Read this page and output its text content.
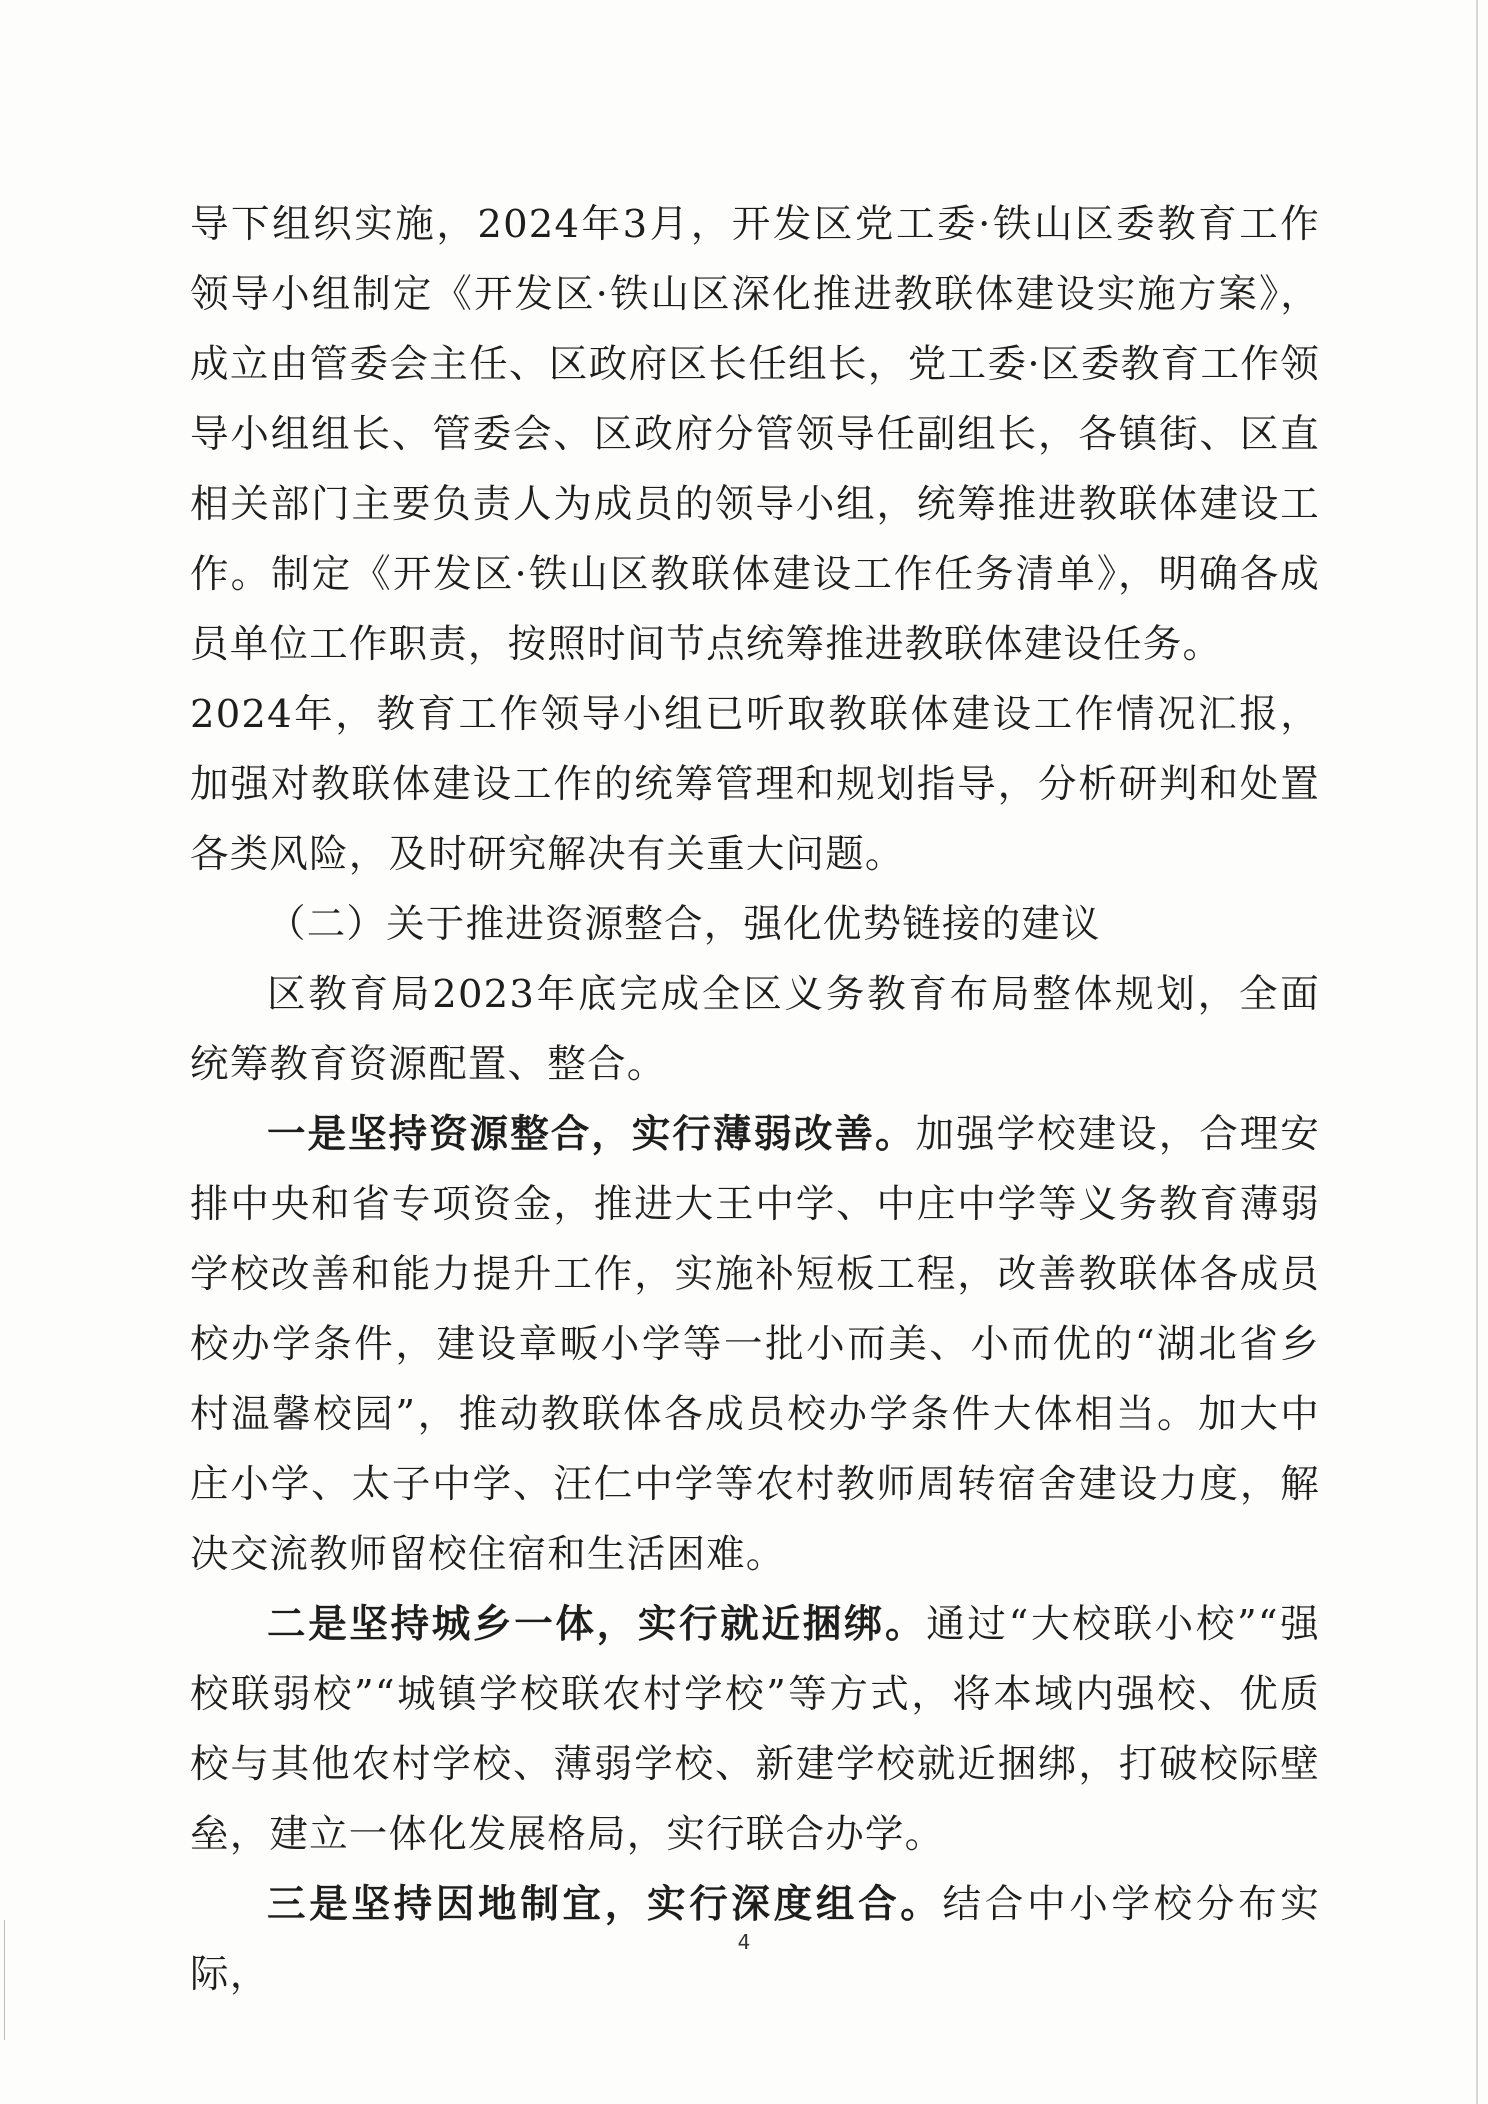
导下组织实施，2024年3月，开发区党工委·铁山区委教育工作领导小组制定《开发区·铁山区深化推进教联体建设实施方案》，成立由管委会主任、区政府区长任组长，党工委·区委教育工作领导小组组长、管委会、区政府分管领导任副组长，各镇街、区直相关部门主要负责人为成员的领导小组，统筹推进教联体建设工作。制定《开发区·铁山区教联体建设工作任务清单》，明确各成员单位工作职责，按照时间节点统筹推进教联体建设任务。

2024年，教育工作领导小组已听取教联体建设工作情况汇报，加强对教联体建设工作的统筹管理和规划指导，分析研判和处置各类风险，及时研究解决有关重大问题。

（二）关于推进资源整合，强化优势链接的建议

区教育局2023年底完成全区义务教育布局整体规划，全面统筹教育资源配置、整合。

一是坚持资源整合，实行薄弱改善。加强学校建设，合理安排中央和省专项资金，推进大王中学、中庄中学等义务教育薄弱学校改善和能力提升工作，实施补短板工程，改善教联体各成员校办学条件，建设章畈小学等一批小而美、小而优的“湖北省乡村温馨校园”，推动教联体各成员校办学条件大体相当。加大中庄小学、太子中学、汪仁中学等农村教师周转宿舍建设力度，解决交流教师留校住宿和生活困难。

二是坚持城乡一体，实行就近捆绑。通过“大校联小校”“强校联弱校”“城镇学校联农村学校”等方式，将本域内强校、优质校与其他农村学校、薄弱学校、新建学校就近捆绑，打破校际壁垒，建立一体化发展格局，实行联合办学。

三是坚持因地制宜，实行深度组合。结合中小学校分布实际，

4
